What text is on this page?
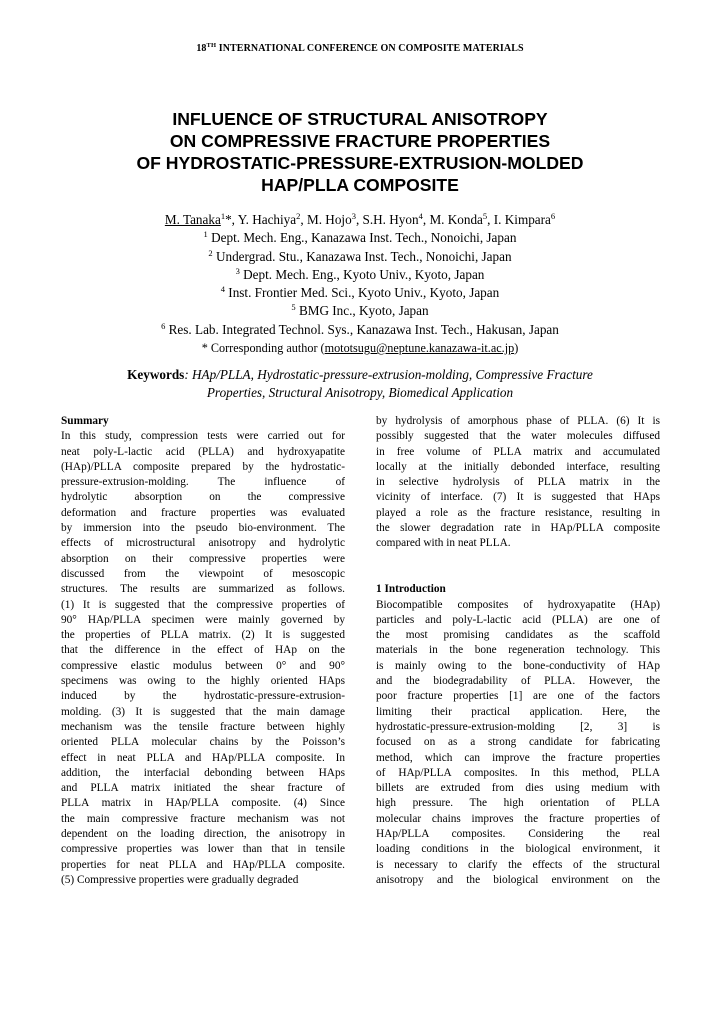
18TH INTERNATIONAL CONFERENCE ON COMPOSITE MATERIALS
INFLUENCE OF STRUCTURAL ANISOTROPY
ON COMPRESSIVE FRACTURE PROPERTIES
OF HYDROSTATIC-PRESSURE-EXTRUSION-MOLDED
HAP/PLLA COMPOSITE
M. Tanaka$^1$*, Y. Hachiya$^2$, M. Hojo$^3$, S.H. Hyon$^4$, M. Konda$^5$, I. Kimpara$^6$
$^1$ Dept. Mech. Eng., Kanazawa Inst. Tech., Nonoichi, Japan
$^2$ Undergrad. Stu., Kanazawa Inst. Tech., Nonoichi, Japan
$^3$ Dept. Mech. Eng., Kyoto Univ., Kyoto, Japan
$^4$ Inst. Frontier Med. Sci., Kyoto Univ., Kyoto, Japan
$^5$ BMG Inc., Kyoto, Japan
$^6$ Res. Lab. Integrated Technol. Sys., Kanazawa Inst. Tech., Hakusan, Japan
* Corresponding author (mototsugu@neptune.kanazawa-it.ac.jp)
Keywords: HAp/PLLA, Hydrostatic-pressure-extrusion-molding, Compressive Fracture
Properties, Structural Anisotropy, Biomedical Application
Summary
In this study, compression tests were carried out for
neat poly-L-lactic acid (PLLA) and hydroxyapatite
(HAp)/PLLA composite prepared by the hydrostatic-
pressure-extrusion-molding. The influence of
hydrolytic absorption on the compressive
deformation and fracture properties was evaluated
by immersion into the pseudo bio-environment. The
effects of microstructural anisotropy and hydrolytic
absorption on their compressive properties were
discussed from the viewpoint of mesoscopic
structures. The results are summarized as follows.
(1) It is suggested that the compressive properties of
90° HAp/PLLA specimen were mainly governed by
the properties of PLLA matrix. (2) It is suggested
that the difference in the effect of HAp on the
compressive elastic modulus between 0° and 90°
specimens was owing to the highly oriented HAps
induced by the hydrostatic-pressure-extrusion-
molding. (3) It is suggested that the main damage
mechanism was the tensile fracture between highly
oriented PLLA molecular chains by the Poisson’s
effect in neat PLLA and HAp/PLLA composite. In
addition, the interfacial debonding between HAps
and PLLA matrix initiated the shear fracture of
PLLA matrix in HAp/PLLA composite. (4) Since
the main compressive fracture mechanism was not
dependent on the loading direction, the anisotropy in
compressive properties was lower than that in tensile
properties for neat PLLA and HAp/PLLA composite.
(5) Compressive properties were gradually degraded
by hydrolysis of amorphous phase of PLLA. (6) It is
possibly suggested that the water molecules diffused
in free volume of PLLA matrix and accumulated
locally at the initially debonded interface, resulting
in selective hydrolysis of PLLA matrix in the
vicinity of interface. (7) It is suggested that HAps
played a role as the fracture resistance, resulting in
the slower degradation rate in HAp/PLLA composite
compared with in neat PLLA.
1 Introduction
Biocompatible composites of hydroxyapatite (HAp)
particles and poly-L-lactic acid (PLLA) are one of
the most promising candidates as the scaffold
materials in the bone regeneration technology. This
is mainly owing to the bone-conductivity of HAp
and the biodegradability of PLLA. However, the
poor fracture properties [1] are one of the factors
limiting their practical application. Here, the
hydrostatic-pressure-extrusion-molding [2, 3] is
focused on as a strong candidate for fabricating
method, which can improve the fracture properties
of HAp/PLLA composites. In this method, PLLA
billets are extruded from dies using medium with
high pressure. The high orientation of PLLA
molecular chains improves the fracture properties of
HAp/PLLA composites. Considering the real
loading conditions in the biological environment, it
is necessary to clarify the effects of the structural
anisotropy and the biological environment on the
